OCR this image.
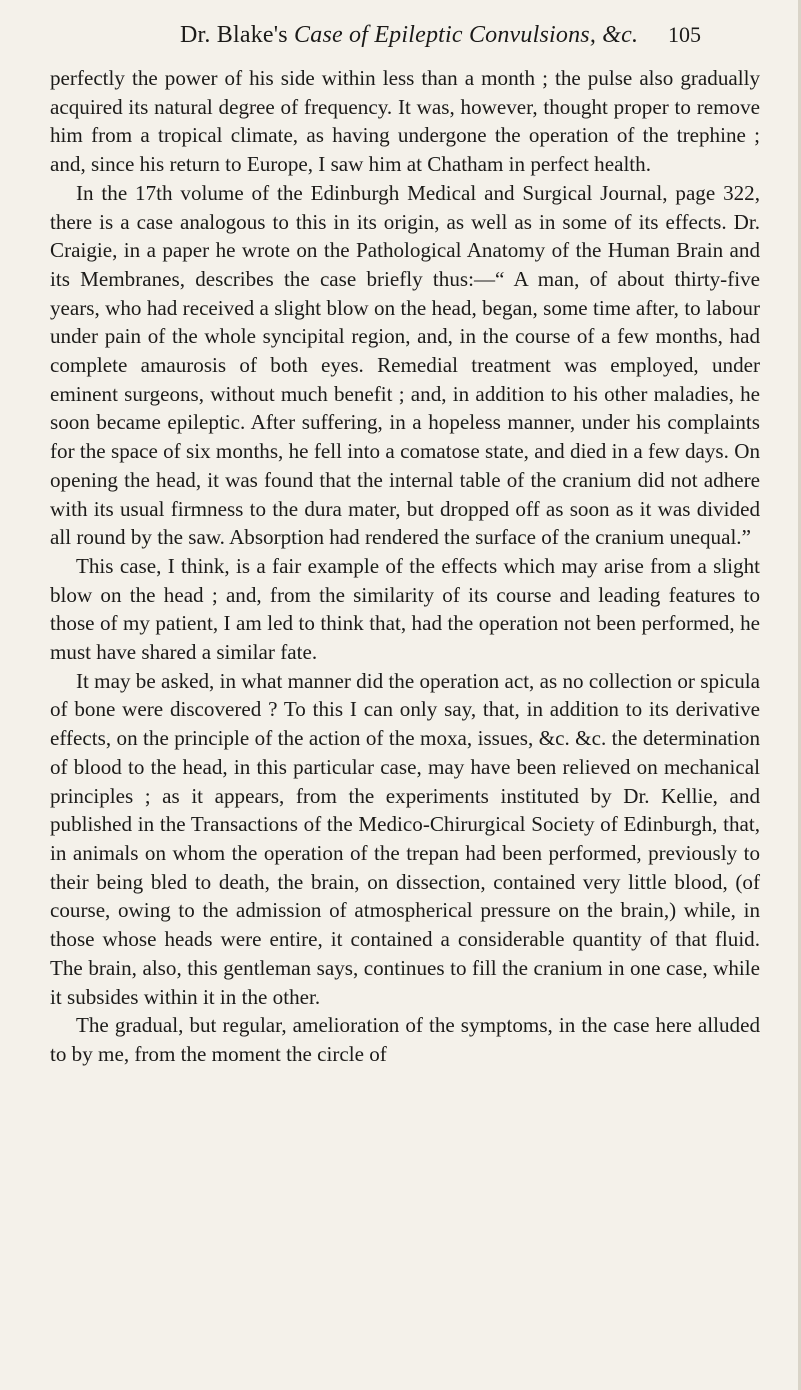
Dr. Blake's Case of Epileptic Convulsions, &c.	105

perfectly the power of his side within less than a month ; the pulse also gradually acquired its natural degree of frequency. It was, however, thought proper to remove him from a tropical climate, as having undergone the operation of the trephine ; and, since his return to Europe, I saw him at Chatham in perfect health.

In the 17th volume of the Edinburgh Medical and Surgical Journal, page 322, there is a case analogous to this in its origin, as well as in some of its effects. Dr. Craigie, in a paper he wrote on the Pathological Anatomy of the Human Brain and its Membranes, describes the case briefly thus:—“ A man, of about thirty-five years, who had received a slight blow on the head, began, some time after, to labour under pain of the whole syncipital region, and, in the course of a few months, had complete amaurosis of both eyes. Remedial treatment was employed, under eminent surgeons, without much benefit ; and, in addition to his other maladies, he soon became epileptic. After suffering, in a hopeless manner, under his complaints for the space of six months, he fell into a comatose state, and died in a few days. On opening the head, it was found that the internal table of the cranium did not adhere with its usual firmness to the dura mater, but dropped off as soon as it was divided all round by the saw. Absorption had rendered the surface of the cranium unequal.”

This case, I think, is a fair example of the effects which may arise from a slight blow on the head ; and, from the similarity of its course and leading features to those of my patient, I am led to think that, had the operation not been performed, he must have shared a similar fate.

It may be asked, in what manner did the operation act, as no collection or spicula of bone were discovered ? To this I can only say, that, in addition to its derivative effects, on the principle of the action of the moxa, issues, &c. &c. the determination of blood to the head, in this particular case, may have been relieved on mechanical principles ; as it appears, from the experiments instituted by Dr. Kellie, and published in the Transactions of the Medico-Chirurgical Society of Edinburgh, that, in animals on whom the operation of the trepan had been performed, previously to their being bled to death, the brain, on dissection, contained very little blood, (of course, owing to the admission of atmospherical pressure on the brain,) while, in those whose heads were entire, it contained a considerable quantity of that fluid. The brain, also, this gentleman says, continues to fill the cranium in one case, while it subsides within it in the other.

The gradual, but regular, amelioration of the symptoms, in the case here alluded to by me, from the moment the circle of
